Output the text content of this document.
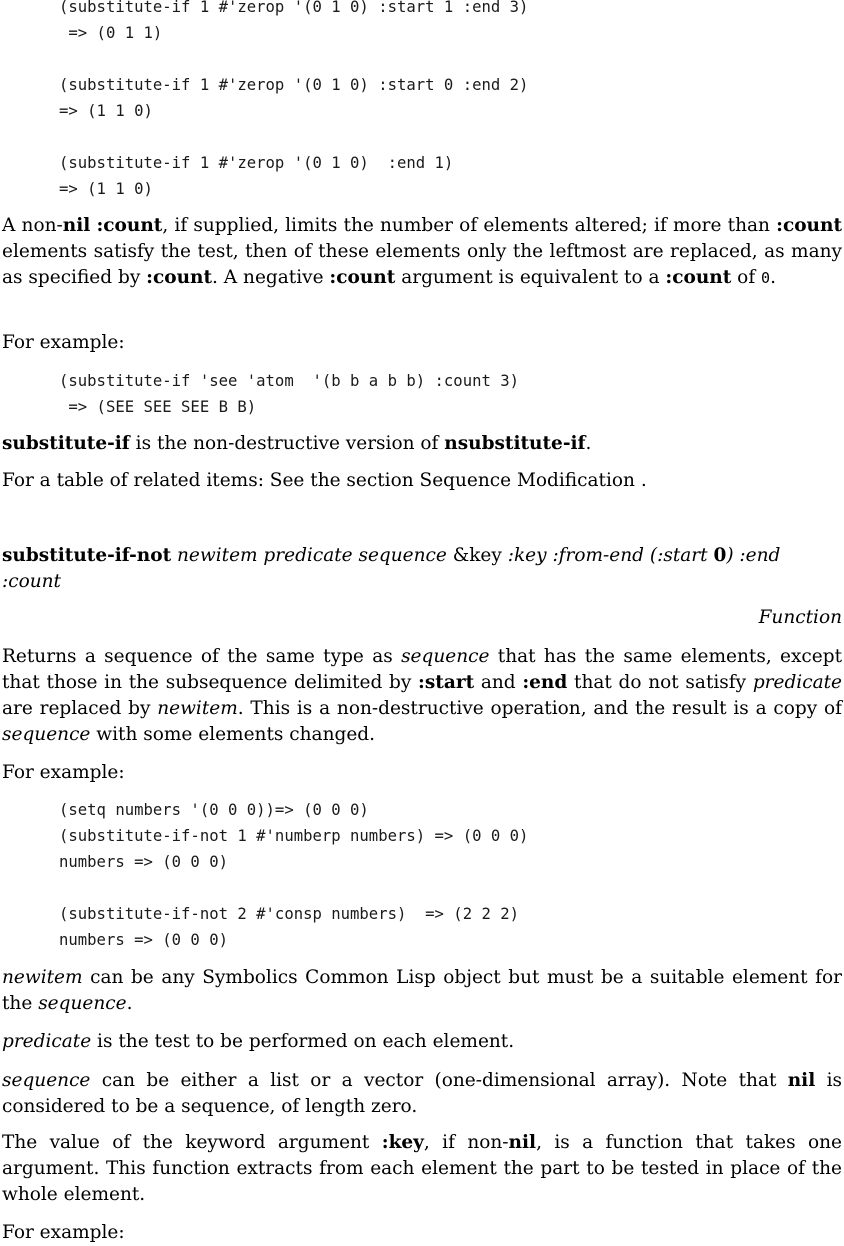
(substitute-if 1 #'zerop '(0 1 0) :start 1 :end 3)
=> (0 1 1)

(substitute-if 1 #'zerop '(0 1 0) :start 0 :end 2)
=> (1 1 0)

(substitute-if 1 #'zerop '(0 1 0)  :end 1)
=> (1 1 0)
A non-nil :count, if supplied, limits the number of elements altered; if more than :count elements satisfy the test, then of these elements only the leftmost are replaced, as many as specified by :count. A negative :count argument is equivalent to a :count of 0.
For example:
(substitute-if 'see 'atom  '(b b a b b) :count 3)
=> (SEE SEE SEE B B)
substitute-if is the non-destructive version of nsubstitute-if.
For a table of related items: See the section Sequence Modification .
substitute-if-not newitem predicate sequence &key :key :from-end (:start 0) :end
:count
Function
Returns a sequence of the same type as sequence that has the same elements, except that those in the subsequence delimited by :start and :end that do not satisfy predicate are replaced by newitem. This is a non-destructive operation, and the result is a copy of sequence with some elements changed.
For example:
(setq numbers '(0 0 0))=> (0 0 0)
(substitute-if-not 1 #'numberp numbers) => (0 0 0)
numbers => (0 0 0)

(substitute-if-not 2 #'consp numbers)  => (2 2 2)
numbers => (0 0 0)
newitem can be any Symbolics Common Lisp object but must be a suitable element for the sequence.
predicate is the test to be performed on each element.
sequence can be either a list or a vector (one-dimensional array). Note that nil is considered to be a sequence, of length zero.
The value of the keyword argument :key, if non-nil, is a function that takes one argument. This function extracts from each element the part to be tested in place of the whole element.
For example:
